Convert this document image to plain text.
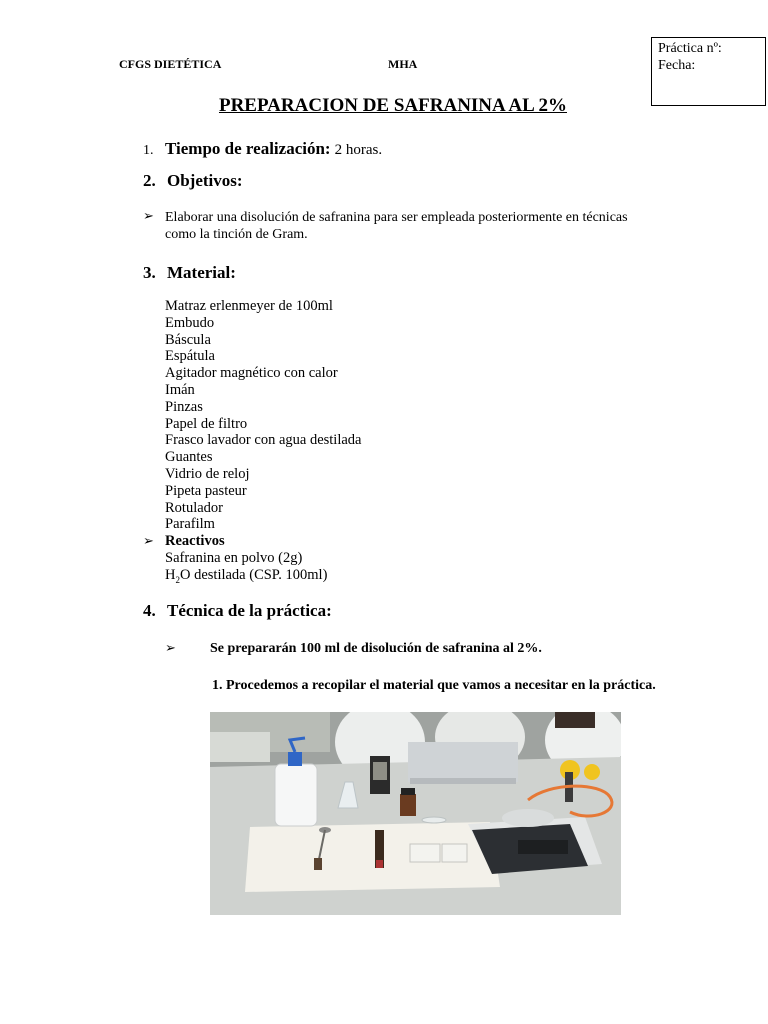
CFGS DIETÉTICA	MHA
Práctica nº:
Fecha:
PREPARACION DE SAFRANINA AL 2%
1. Tiempo de realización: 2 horas.
2. Objetivos:
➢ Elaborar una disolución de safranina para ser empleada posteriormente en técnicas
como la tinción de Gram.
3. Material:
Matraz erlenmeyer de 100ml
Embudo
Báscula
Espátula
Agitador magnético con calor
Imán
Pinzas
Papel de filtro
Frasco lavador con agua destilada
Guantes
Vidrio de reloj
Pipeta pasteur
Rotulador
Parafilm
Reactivos
Safranina en polvo (2g)
$H_2O$ destilada (CSP. 100ml)
➢
4. Técnica de la práctica:
➢ Se prepararán 100 ml de disolución de safranina al 2%.
1. Procedemos a recopilar el material que vamos a necesitar en la práctica.
